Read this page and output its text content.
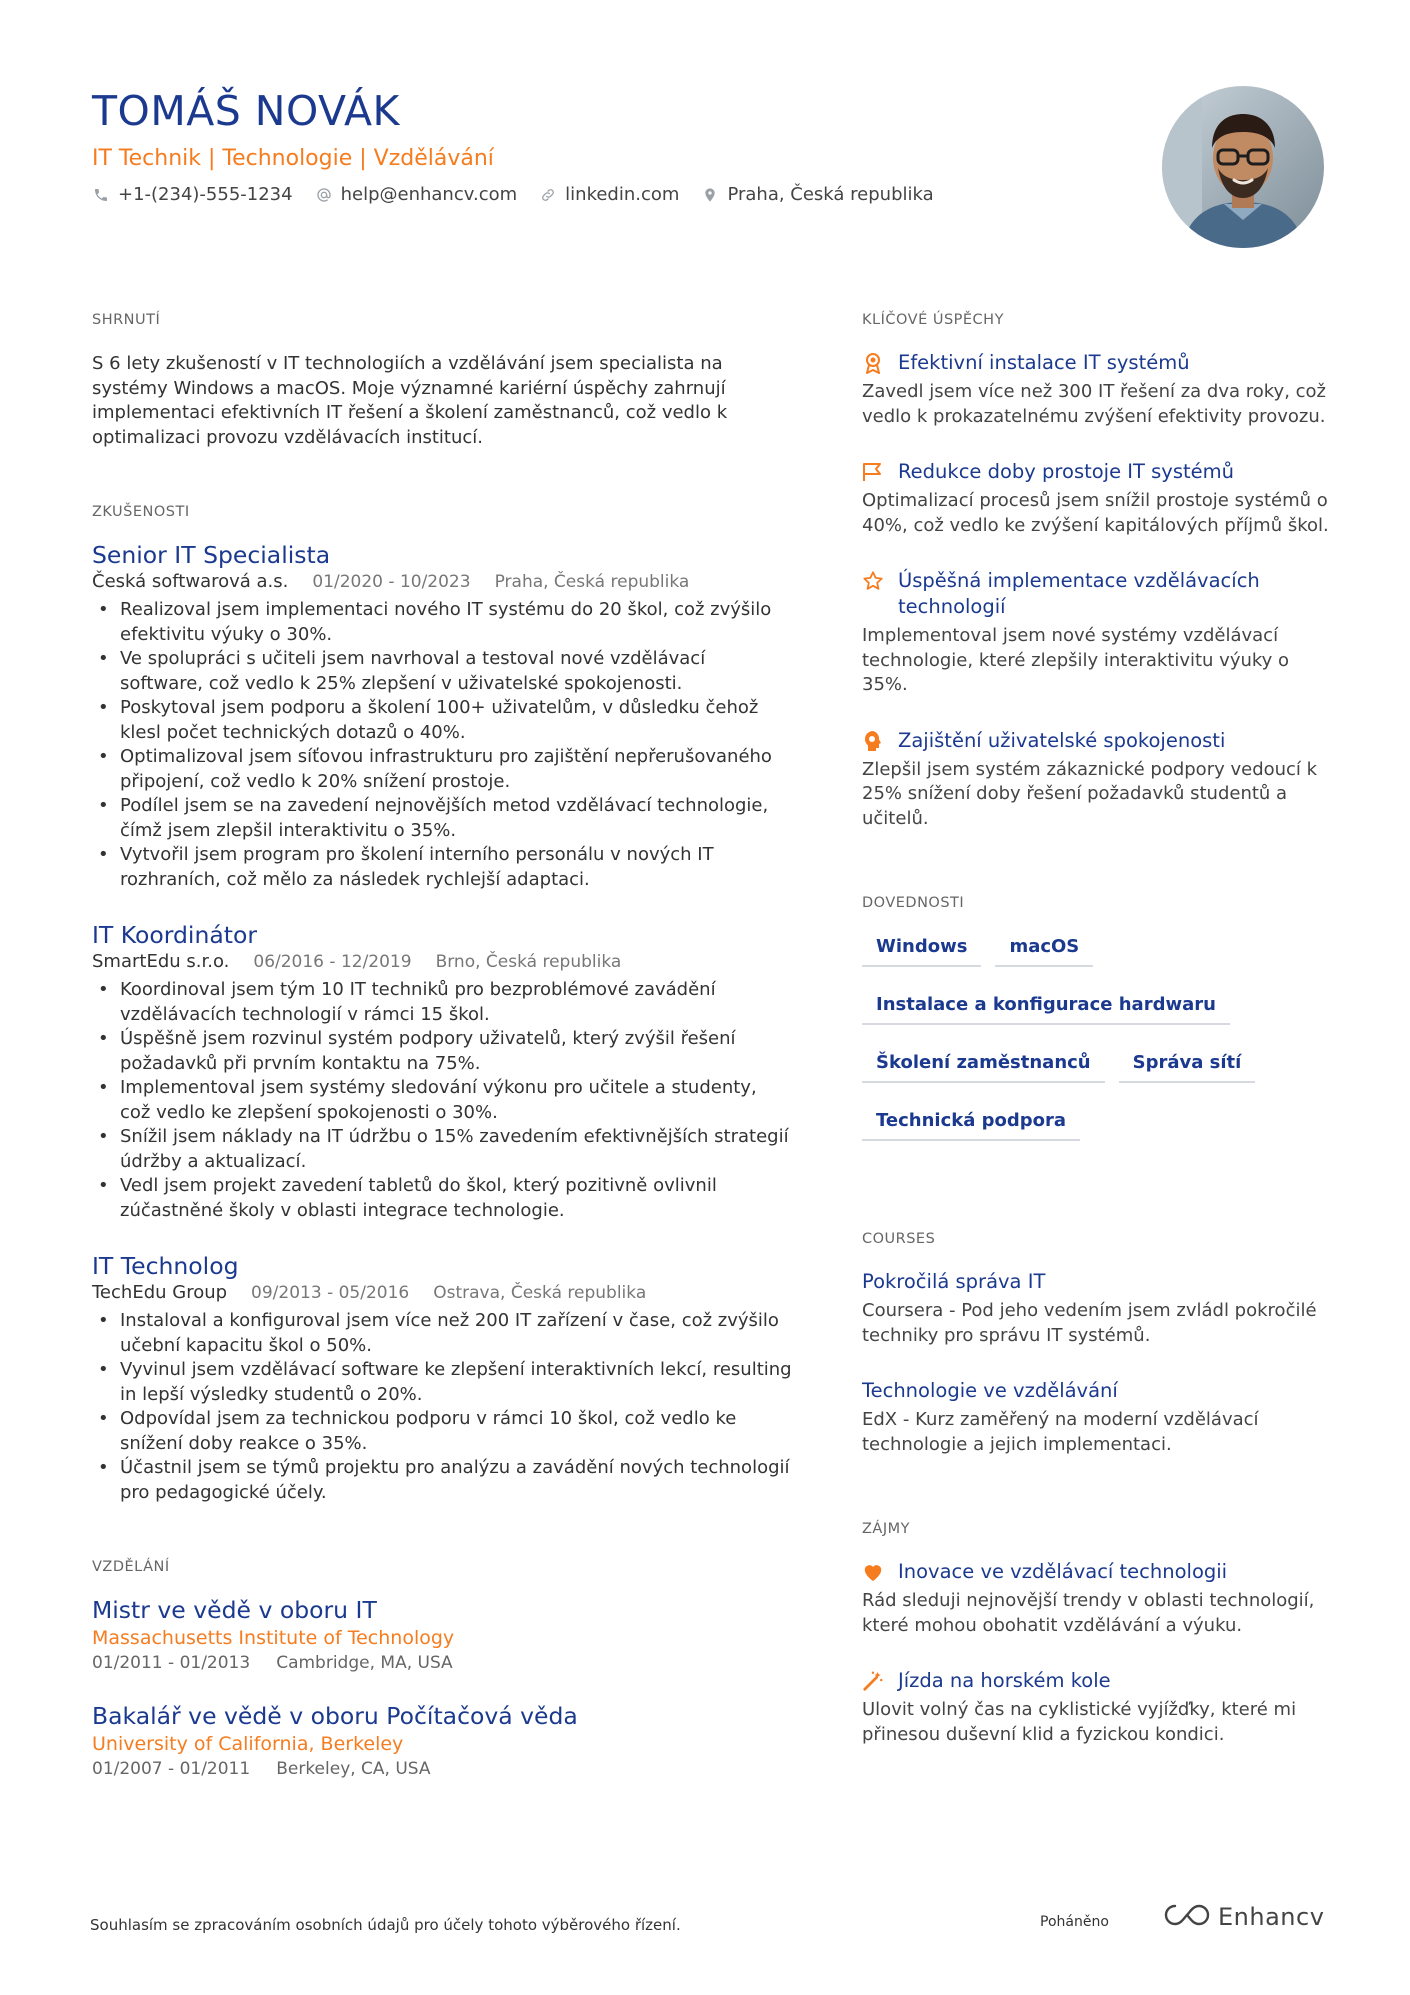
TOMÁŠ NOVÁK
IT Technik | Technologie | Vzdělávání
+1-(234)-555-1234	help@enhancv.com	linkedin.com	Praha, Česká republika
SHRNUTÍ
S 6 lety zkušeností v IT technologiích a vzdělávání jsem specialista na systémy Windows a macOS. Moje významné kariérní úspěchy zahrnují implementaci efektivních IT řešení a školení zaměstnanců, což vedlo k optimalizaci provozu vzdělávacích institucí.
ZKUŠENOSTI
Senior IT Specialista
Česká softwarová a.s. 01/2020 - 10/2023 Praha, Česká republika
• Realizoval jsem implementaci nového IT systému do 20 škol, což zvýšilo efektivitu výuky o 30%.
• Ve spolupráci s učiteli jsem navrhoval a testoval nové vzdělávací software, což vedlo k 25% zlepšení v uživatelské spokojenosti.
• Poskytoval jsem podporu a školení 100+ uživatelům, v důsledku čehož klesl počet technických dotazů o 40%.
• Optimalizoval jsem síťovou infrastrukturu pro zajištění nepřerušovaného připojení, což vedlo k 20% snížení prostoje.
• Podílel jsem se na zavedení nejnovějších metod vzdělávací technologie, čímž jsem zlepšil interaktivitu o 35%.
• Vytvořil jsem program pro školení interního personálu v nových IT rozhraních, což mělo za následek rychlejší adaptaci.
IT Koordinátor
SmartEdu s.r.o. 06/2016 - 12/2019 Brno, Česká republika
• Koordinoval jsem tým 10 IT techniků pro bezproblémové zavádění vzdělávacích technologií v rámci 15 škol.
• Úspěšně jsem rozvinul systém podpory uživatelů, který zvýšil řešení požadavků při prvním kontaktu na 75%.
• Implementoval jsem systémy sledování výkonu pro učitele a studenty, což vedlo ke zlepšení spokojenosti o 30%.
• Snížil jsem náklady na IT údržbu o 15% zavedením efektivnějších strategií údržby a aktualizací.
• Vedl jsem projekt zavedení tabletů do škol, který pozitivně ovlivnil zúčastněné školy v oblasti integrace technologie.
IT Technolog
TechEdu Group 09/2013 - 05/2016 Ostrava, Česká republika
• Instaloval a konfiguroval jsem více než 200 IT zařízení v čase, což zvýšilo učební kapacitu škol o 50%.
• Vyvinul jsem vzdělávací software ke zlepšení interaktivních lekcí, resulting in lepší výsledky studentů o 20%.
• Odpovídal jsem za technickou podporu v rámci 10 škol, což vedlo ke snížení doby reakce o 35%.
• Účastnil jsem se týmů projektu pro analýzu a zavádění nových technologií pro pedagogické účely.
VZDĚLÁNÍ
Mistr ve vědě v oboru IT
Massachusetts Institute of Technology
01/2011 - 01/2013 Cambridge, MA, USA
Bakalář ve vědě v oboru Počítačová věda
University of California, Berkeley
01/2007 - 01/2011 Berkeley, CA, USA
KLÍČOVÉ ÚSPĚCHY
Efektivní instalace IT systémů
Zavedl jsem více než 300 IT řešení za dva roky, což vedlo k prokazatelnému zvýšení efektivity provozu.
Redukce doby prostoje IT systémů
Optimalizací procesů jsem snížil prostoje systémů o 40%, což vedlo ke zvýšení kapitálových příjmů škol.
Úspěšná implementace vzdělávacích technologií
Implementoval jsem nové systémy vzdělávací technologie, které zlepšily interaktivitu výuky o 35%.
Zajištění uživatelské spokojenosti
Zlepšil jsem systém zákaznické podpory vedoucí k 25% snížení doby řešení požadavků studentů a učitelů.
DOVEDNOSTI
Windows	macOS
Instalace a konfigurace hardwaru
Školení zaměstnanců	Správa sítí
Technická podpora
COURSES
Pokročilá správa IT
Coursera - Pod jeho vedením jsem zvládl pokročilé techniky pro správu IT systémů.
Technologie ve vzdělávání
EdX - Kurz zaměřený na moderní vzdělávací technologie a jejich implementaci.
ZÁJMY
Inovace ve vzdělávací technologii
Rád sleduji nejnovější trendy v oblasti technologií, které mohou obohatit vzdělávání a výuku.
Jízda na horském kole
Ulovit volný čas na cyklistické vyjížďky, které mi přinesou duševní klid a fyzickou kondici.
Souhlasím se zpracováním osobních údajů pro účely tohoto výběrového řízení.	Poháněno	Enhancv
